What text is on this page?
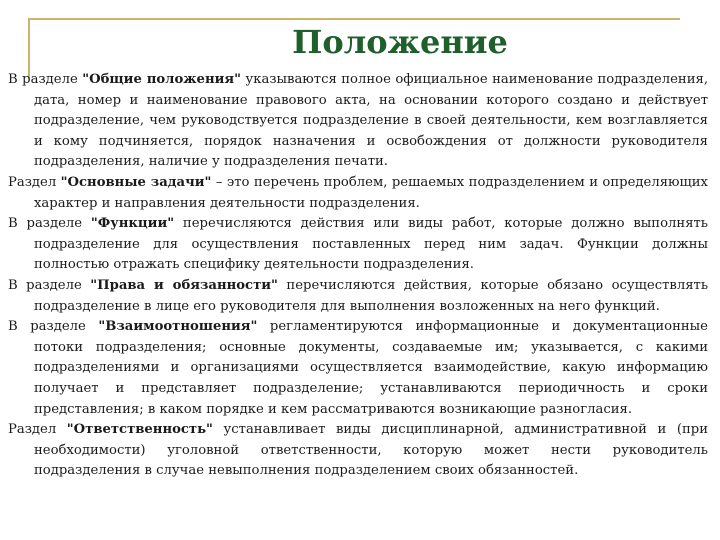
Положение

В разделе "Общие положения" указываются полное официальное наименование подразделения, дата, номер и наименование правового акта, на основании которого создано и действует подразделение, чем руководствуется подразделение в своей деятельности, кем возглавляется и кому подчиняется, порядок назначения и освобождения от должности руководителя подразделения, наличие у подразделения печати.

Раздел "Основные задачи" – это перечень проблем, решаемых подразделением и определяющих характер и направления деятельности подразделения.

В разделе "Функции" перечисляются действия или виды работ, которые должно выполнять подразделение для осуществления поставленных перед ним задач. Функции должны полностью отражать специфику деятельности подразделения.

В разделе "Права и обязанности" перечисляются действия, которые обязано осуществлять подразделение в лице его руководителя для выполнения возложенных на него функций.

В разделе "Взаимоотношения" регламентируются информационные и документационные потоки подразделения; основные документы, создаваемые им; указывается, с какими подразделениями и организациями осуществляется взаимодействие, какую информацию получает и представляет подразделение; устанавливаются периодичность и сроки представления; в каком порядке и кем рассматриваются возникающие разногласия.

Раздел "Ответственность" устанавливает виды дисциплинарной, административной и (при необходимости) уголовной ответственности, которую может нести руководитель подразделения в случае невыполнения подразделением своих обязанностей.
